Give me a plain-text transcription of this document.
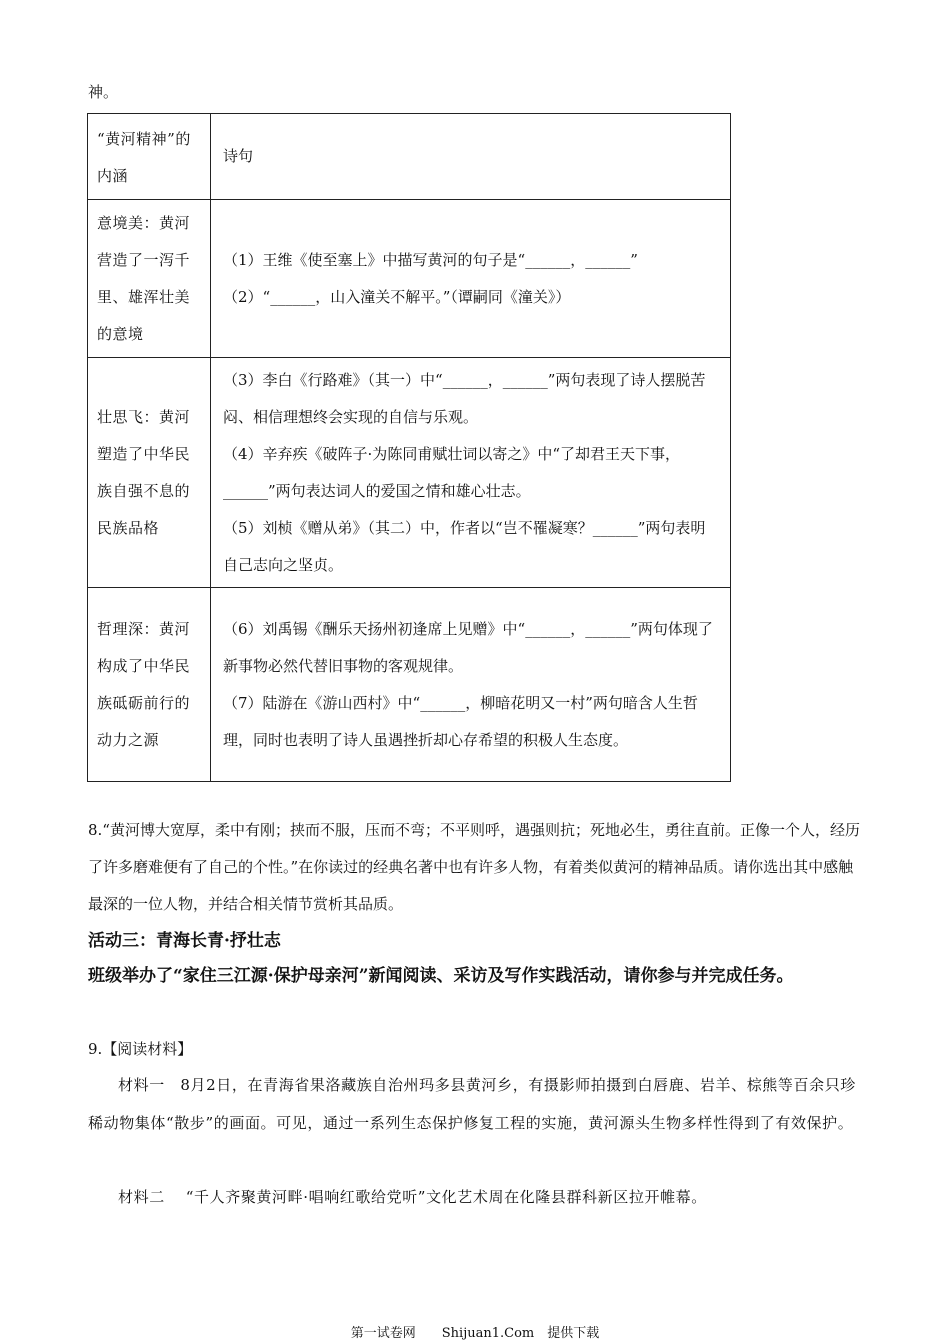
神。
“黄河精神”的内涵	诗句

意境美：黄河营造了一泻千里、雄浑壮美的意境	（1）王维《使至塞上》中描写黄河的句子是“______，______”

（2）“______，山入潼关不解平。”（谭嗣同《潼关》）

壮思飞：黄河塑造了中华民族自强不息的民族品格	（3）李白《行路难》（其一）中“______，______”两句表现了诗人摆脱苦闷、相信理想终会实现的自信与乐观。

（4）辛弃疾《破阵子·为陈同甫赋壮词以寄之》中“了却君王天下事，______”两句表达词人的爱国之情和雄心壮志。

（5）刘桢《赠从弟》（其二）中，作者以“岂不罹凝寒？______”两句表明自己志向之坚贞。

哲理深：黄河构成了中华民族砥砺前行的动力之源	（6）刘禹锡《酬乐天扬州初逢席上见赠》中“______，______”两句体现了新事物必然代替旧事物的客观规律。

（7）陆游在《游山西村》中“______，柳暗花明又一村”两句暗含人生哲理，同时也表明了诗人虽遇挫折却心存希望的积极人生态度。

8.“黄河博大宽厚，柔中有刚；挟而不服，压而不弯；不平则呼，遇强则抗；死地必生，勇往直前。正像一个人，经历了许多磨难便有了自己的个性。”在你读过的经典名著中也有许多人物，有着类似黄河的精神品质。请你选出其中感触最深的一位人物，并结合相关情节赏析其品质。
活动三：青海长青·抒壮志
班级举办了“家住三江源·保护母亲河”新闻阅读、采访及写作实践活动，请你参与并完成任务。
9.【阅读材料】
材料一　8月2日，在青海省果洛藏族自治州玛多县黄河乡，有摄影师拍摄到白唇鹿、岩羊、棕熊等百余只珍稀动物集体“散步”的画面。可见，通过一系列生态保护修复工程的实施，黄河源头生物多样性得到了有效保护。
材料二　 “千人齐聚黄河畔·唱响红歌给党听”文化艺术周在化隆县群科新区拉开帷幕。
第一试卷网　　Shijuan1.Com　提供下载
